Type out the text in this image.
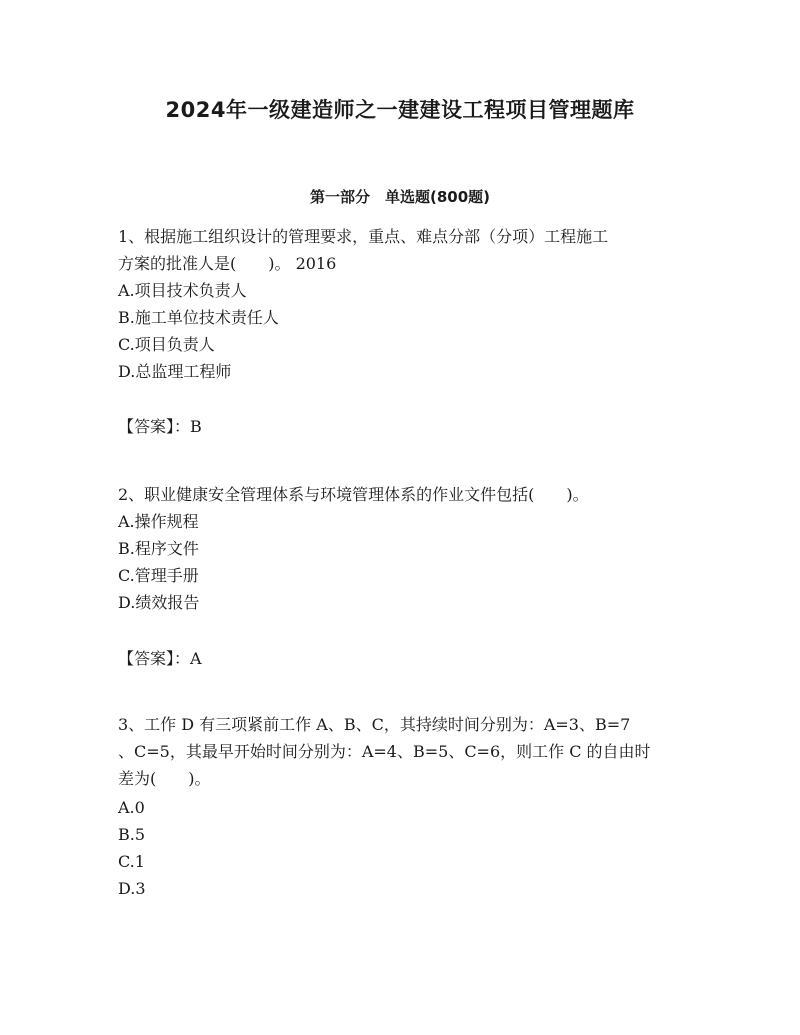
2024年一级建造师之一建建设工程项目管理题库
第一部分　单选题(800题)
1、根据施工组织设计的管理要求，重点、难点分部（分项）工程施工
方案的批准人是(　　)。 2016
A.项目技术负责人
B.施工单位技术责任人
C.项目负责人
D.总监理工程师
【答案】：B
2、职业健康安全管理体系与环境管理体系的作业文件包括(　　)。
A.操作规程
B.程序文件
C.管理手册
D.绩效报告
【答案】：A
3、工作 D 有三项紧前工作 A、B、C，其持续时间分别为：A=3、B=7
、C=5，其最早开始时间分别为：A=4、B=5、C=6，则工作 C 的自由时
差为(　　)。
A.0
B.5
C.1
D.3
